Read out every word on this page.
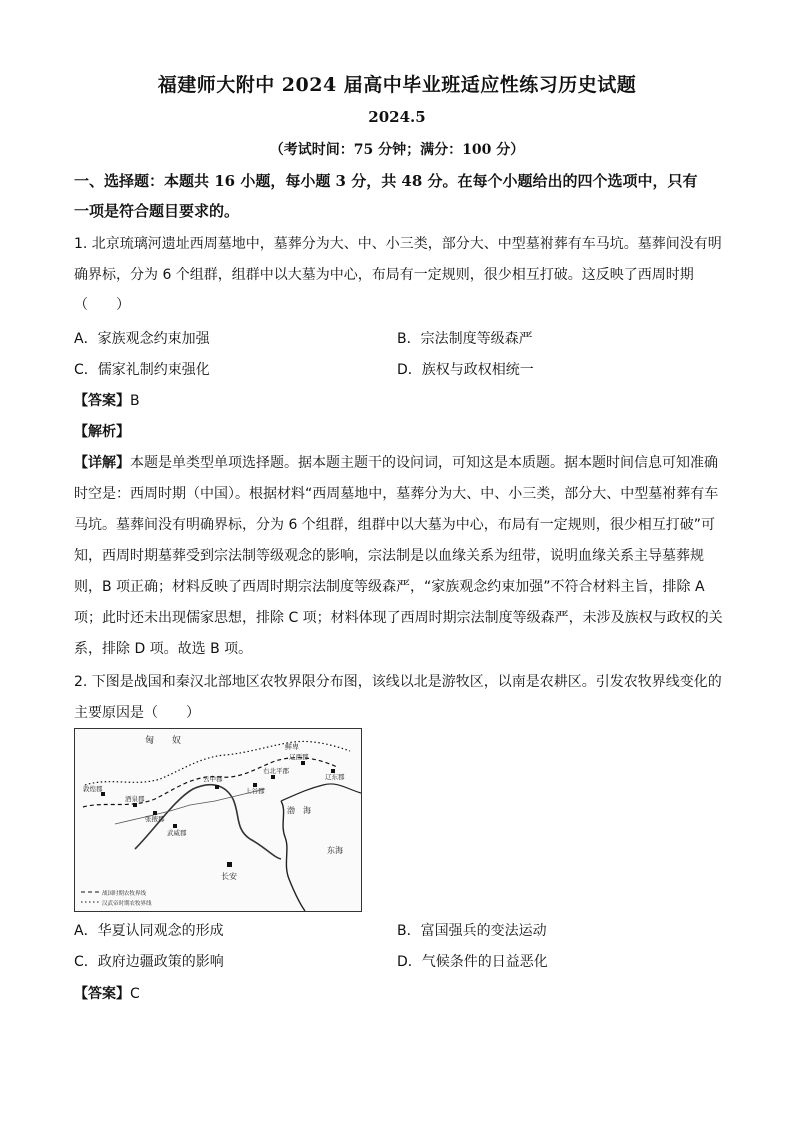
福建师大附中 2024 届高中毕业班适应性练习历史试题
2024.5
（考试时间：75 分钟；满分：100 分）
一、选择题：本题共 16 小题，每小题 3 分，共 48 分。在每个小题给出的四个选项中，只有
一项是符合题目要求的。
1. 北京琉璃河遗址西周墓地中，墓葬分为大、中、小三类，部分大、中型墓祔葬有车马坑。墓葬间没有明
确界标，分为 6 个组群，组群中以大墓为中心，布局有一定规则，很少相互打破。这反映了西周时期
（　　）
A．家族观念约束加强	B．宗法制度等级森严
C．儒家礼制约束强化	D．族权与政权相统一
【答案】B
【解析】
【详解】本题是单类型单项选择题。据本题主题干的设问词，可知这是本质题。据本题时间信息可知准确
时空是：西周时期（中国）。根据材料“西周墓地中，墓葬分为大、中、小三类，部分大、中型墓祔葬有车
马坑。墓葬间没有明确界标，分为 6 个组群，组群中以大墓为中心，布局有一定规则，很少相互打破”可
知，西周时期墓葬受到宗法制等级观念的影响，宗法制是以血缘关系为纽带，说明血缘关系主导墓葬规
则，B 项正确；材料反映了西周时期宗法制度等级森严，“家族观念约束加强”不符合材料主旨，排除 A
项；此时还未出现儒家思想，排除 C 项；材料体现了西周时期宗法制度等级森严，未涉及族权与政权的关
系，排除 D 项。故选 B 项。
2. 下图是战国和秦汉北部地区农牧界限分布图，该线以北是游牧区，以南是农耕区。引发农牧界线变化的
主要原因是（　　）
匈　　奴
鲜卑
辽西郡
辽东郡
右北平郡
上谷郡
云中郡
敦煌郡
酒泉郡
张掖郡
武威郡
长安
渤　海
东海
战国时期农牧界线
汉武帝时期农牧界线
A．华夏认同观念的形成	B．富国强兵的变法运动
C．政府边疆政策的影响	D．气候条件的日益恶化
【答案】C
